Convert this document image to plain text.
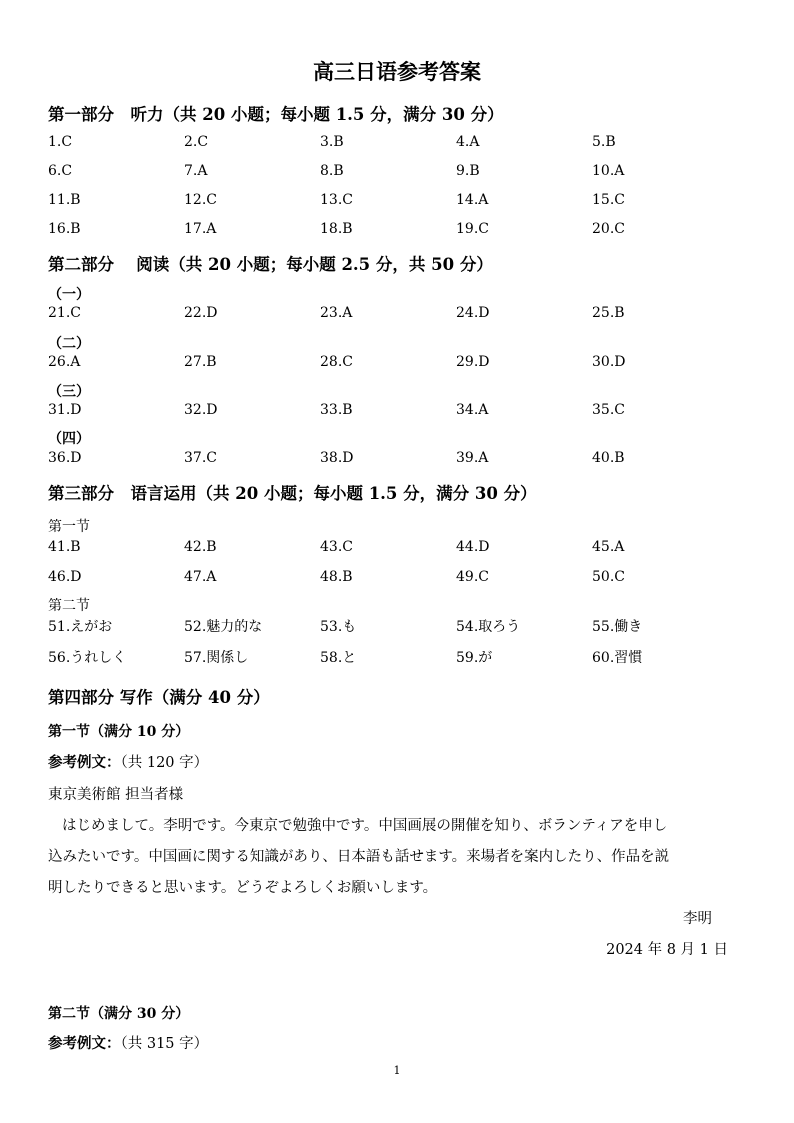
高三日语参考答案
第一部分　听力（共 20 小题；每小题 1.5 分，满分 30 分）
1.C	2.C	3.B	4.A	5.B
6.C	7.A	8.B	9.B	10.A
11.B	12.C	13.C	14.A	15.C
16.B	17.A	18.B	19.C	20.C
第二部分　 阅读（共 20 小题；每小题 2.5 分，共 50 分）
（一）
21.C	22.D	23.A	24.D	25.B
（二）
26.A	27.B	28.C	29.D	30.D
（三）
31.D	32.D	33.B	34.A	35.C
（四）
36.D	37.C	38.D	39.A	40.B
第三部分　语言运用（共 20 小题；每小题 1.5 分，满分 30 分）
第一节
41.B	42.B	43.C	44.D	45.A
46.D	47.A	48.B	49.C	50.C
第二节
51.えがお	52.魅力的な	53.も	54.取ろう	55.働き
56.うれしく	57.関係し	58.と	59.が	60.習慣
第四部分 写作（满分 40 分）
第一节（满分 10 分）
参考例文：（共 120 字）
東京美術館 担当者様
はじめまして。李明です。今東京で勉強中です。中国画展の開催を知り、ボランティアを申し
込みたいです。中国画に関する知識があり、日本語も話せます。来場者を案内したり、作品を説
明したりできると思います。どうぞよろしくお願いします。
李明
2024 年 8 月 1 日
第二节（满分 30 分）
参考例文：（共 315 字）
1
